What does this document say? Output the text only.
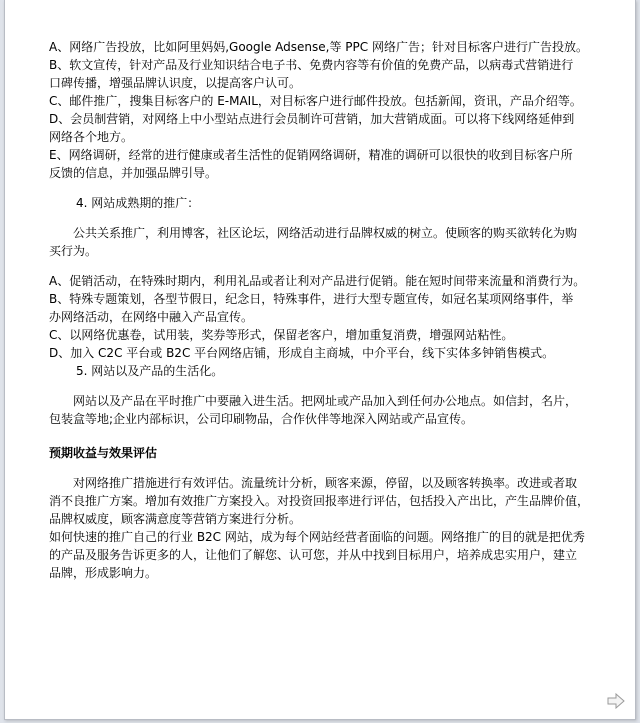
A、网络广告投放，比如阿里妈妈,Google Adsense,等 PPC 网络广告；针对目标客户进行广告投放。
B、软文宣传，针对产品及行业知识结合电子书、免费内容等有价值的免费产品，以病毒式营销进行
口碑传播，增强品牌认识度，以提高客户认可。
C、邮件推广，搜集目标客户的 E-MAIL，对目标客户进行邮件投放。包括新闻，资讯，产品介绍等。
D、会员制营销，对网络上中小型站点进行会员制许可营销，加大营销成面。可以将下线网络延伸到
网络各个地方。
E、网络调研，经常的进行健康或者生活性的促销网络调研，精准的调研可以很快的收到目标客户所
反馈的信息，并加强品牌引导。
4. 网站成熟期的推广：
公共关系推广，利用博客，社区论坛，网络活动进行品牌权威的树立。使顾客的购买欲转化为购
买行为。
A、促销活动，在特殊时期内，利用礼品或者让利对产品进行促销。能在短时间带来流量和消费行为。
B、特殊专题策划，各型节假日，纪念日，特殊事件，进行大型专题宣传，如冠名某项网络事件，举
办网络活动，在网络中融入产品宣传。
C、以网络优惠卷，试用装，奖券等形式，保留老客户，增加重复消费，增强网站粘性。
D、加入 C2C 平台或 B2C 平台网络店铺，形成自主商城，中介平台，线下实体多钟销售模式。
5. 网站以及产品的生活化。
网站以及产品在平时推广中要融入进生活。把网址或产品加入到任何办公地点。如信封，名片，
包装盒等地;企业内部标识，公司印刷物品，合作伙伴等地深入网站或产品宣传。
预期收益与效果评估
对网络推广措施进行有效评估。流量统计分析，顾客来源，停留，以及顾客转换率。改进或者取
消不良推广方案。增加有效推广方案投入。对投资回报率进行评估，包括投入产出比，产生品牌价值，
品牌权威度，顾客满意度等营销方案进行分析。
如何快速的推广自己的行业 B2C 网站，成为每个网站经营者面临的问题。网络推广的目的就是把优秀
的产品及服务告诉更多的人，让他们了解您、认可您，并从中找到目标用户，培养成忠实用户，建立
品牌，形成影响力。
